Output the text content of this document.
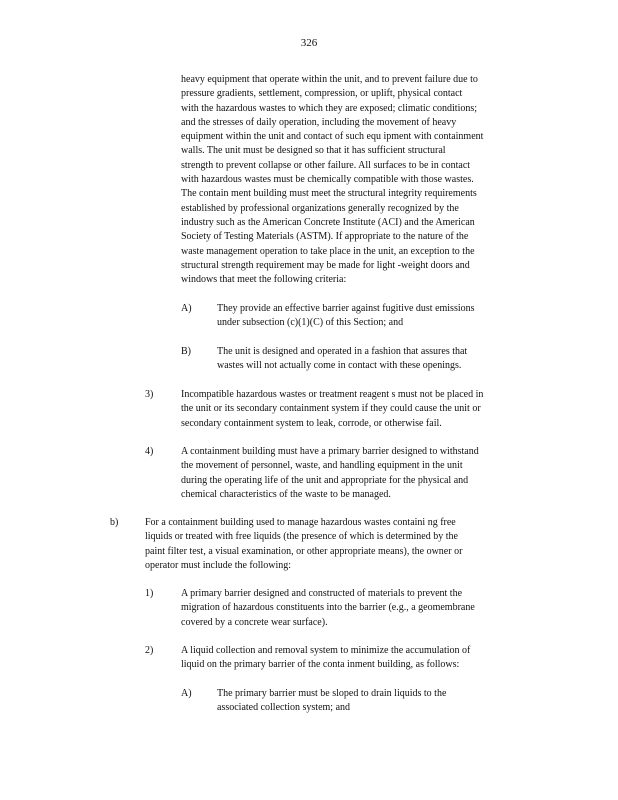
326
heavy equipment that operate within the unit, and to prevent failure due to
pressure gradients, settlement, compression, or uplift, physical contact
with the hazardous wastes to which they are exposed; climatic conditions;
and the stresses of daily operation, including the movement of heavy
equipment within the unit and contact of such equ ipment with containment
walls. The unit must be designed so that it has sufficient structural
strength to prevent collapse or other failure. All surfaces to be in contact
with hazardous wastes must be chemically compatible with those wastes.
The contain ment building must meet the structural integrity requirements
established by professional organizations generally recognized by the
industry such as the American Concrete Institute (ACI) and the American
Society of Testing Materials (ASTM). If appropriate to the nature of the
waste management operation to take place in the unit, an exception to the
structural strength requirement may be made for light -weight doors and
windows that meet the following criteria:
A)	They provide an effective barrier against fugitive dust emissions
under subsection (c)(1)(C) of this Section; and
B)	The unit is designed and operated in a fashion that assures that
wastes will not actually come in contact with these openings.
3)	Incompatible hazardous wastes or treatment reagent s must not be placed in
the unit or its secondary containment system if they could cause the unit or
secondary containment system to leak, corrode, or otherwise fail.
4)	A containment building must have a primary barrier designed to withstand
the movement of personnel, waste, and handling equipment in the unit
during the operating life of the unit and appropriate for the physical and
chemical characteristics of the waste to be managed.
b)	For a containment building used to manage hazardous wastes containi ng free
liquids or treated with free liquids (the presence of which is determined by the
paint filter test, a visual examination, or other appropriate means), the owner or
operator must include the following:
1)	A primary barrier designed and constructed of materials to prevent the
migration of hazardous constituents into the barrier (e.g., a geomembrane
covered by a concrete wear surface).
2)	A liquid collection and removal system to minimize the accumulation of
liquid on the primary barrier of the conta inment building, as follows:
A)	The primary barrier must be sloped to drain liquids to the
associated collection system; and
